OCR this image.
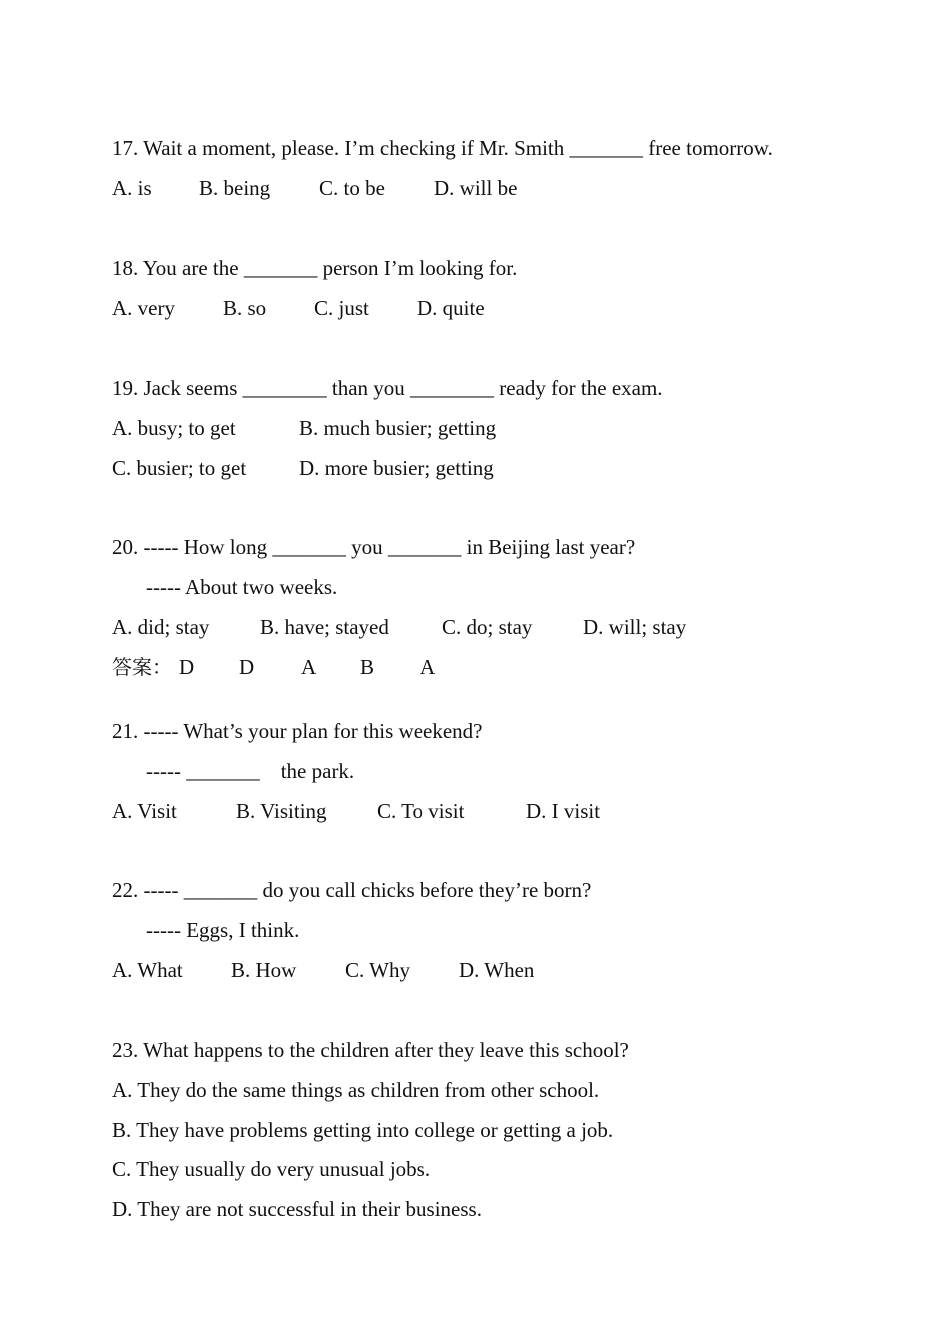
17. Wait a moment, please. I’m checking if Mr. Smith _______ free tomorrow.
A. is B. being C. to be D. will be
18. You are the _______ person I’m looking for.
A. very B. so C. just D. quite
19. Jack seems ________ than you ________ ready for the exam.
A. busy; to get	B. much busier; getting
C. busier; to get	D. more busier; getting
20. ----- How long _______ you _______ in Beijing last year?
----- About two weeks.
A. did; stay B. have; stayed	C. do; stay D. will; stay
答案： D D A B A
21. ----- What’s your plan for this weekend?
----- _______    the park.
A. Visit	B. Visiting C. To visit	D. I visit
22. ----- _______ do you call chicks before they’re born?
----- Eggs, I think.
A. What B. How C. Why D. When
23. What happens to the children after they leave this school?
A. They do the same things as children from other school.
B. They have problems getting into college or getting a job.
C. They usually do very unusual jobs.
D. They are not successful in their business.
